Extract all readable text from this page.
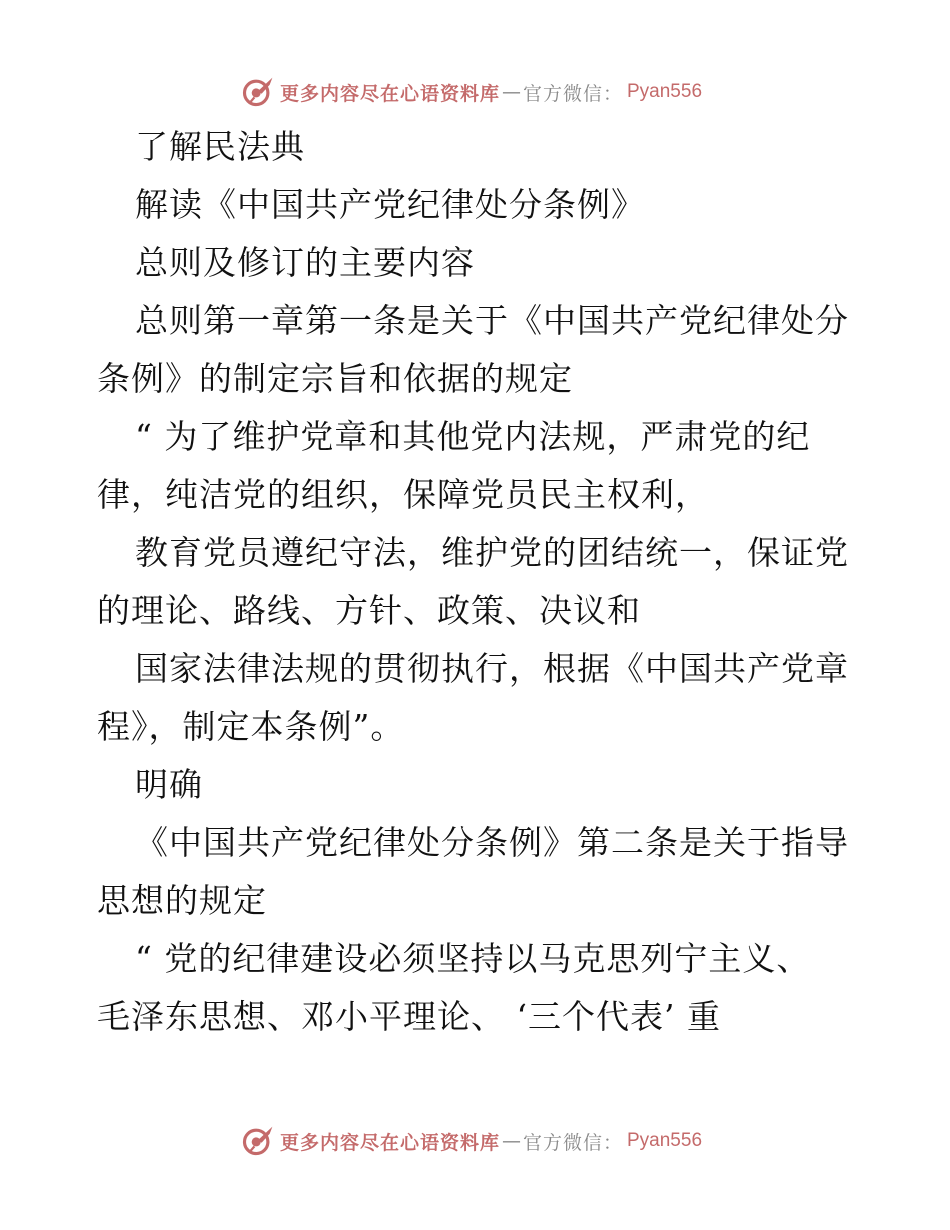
更多内容尽在心语资料库 — 官方微信： Pyan556
了解民法典
解读《中国共产党纪律处分条例》
总则及修订的主要内容
总则第一章第一条是关于《中国共产党纪律处分
条例》的制定宗旨和依据的规定
“ 为了维护党章和其他党内法规，严肃党的纪
律，纯洁党的组织，保障党员民主权利，
教育党员遵纪守法，维护党的团结统一，保证党
的理论、路线、方针、政策、决议和
国家法律法规的贯彻执行，根据《中国共产党章
程》，制定本条例”。
明确
《中国共产党纪律处分条例》第二条是关于指导
思想的规定
“ 党的纪律建设必须坚持以马克思列宁主义、
毛泽东思想、邓小平理论、 ‘三个代表’ 重
更多内容尽在心语资料库 — 官方微信： Pyan556
